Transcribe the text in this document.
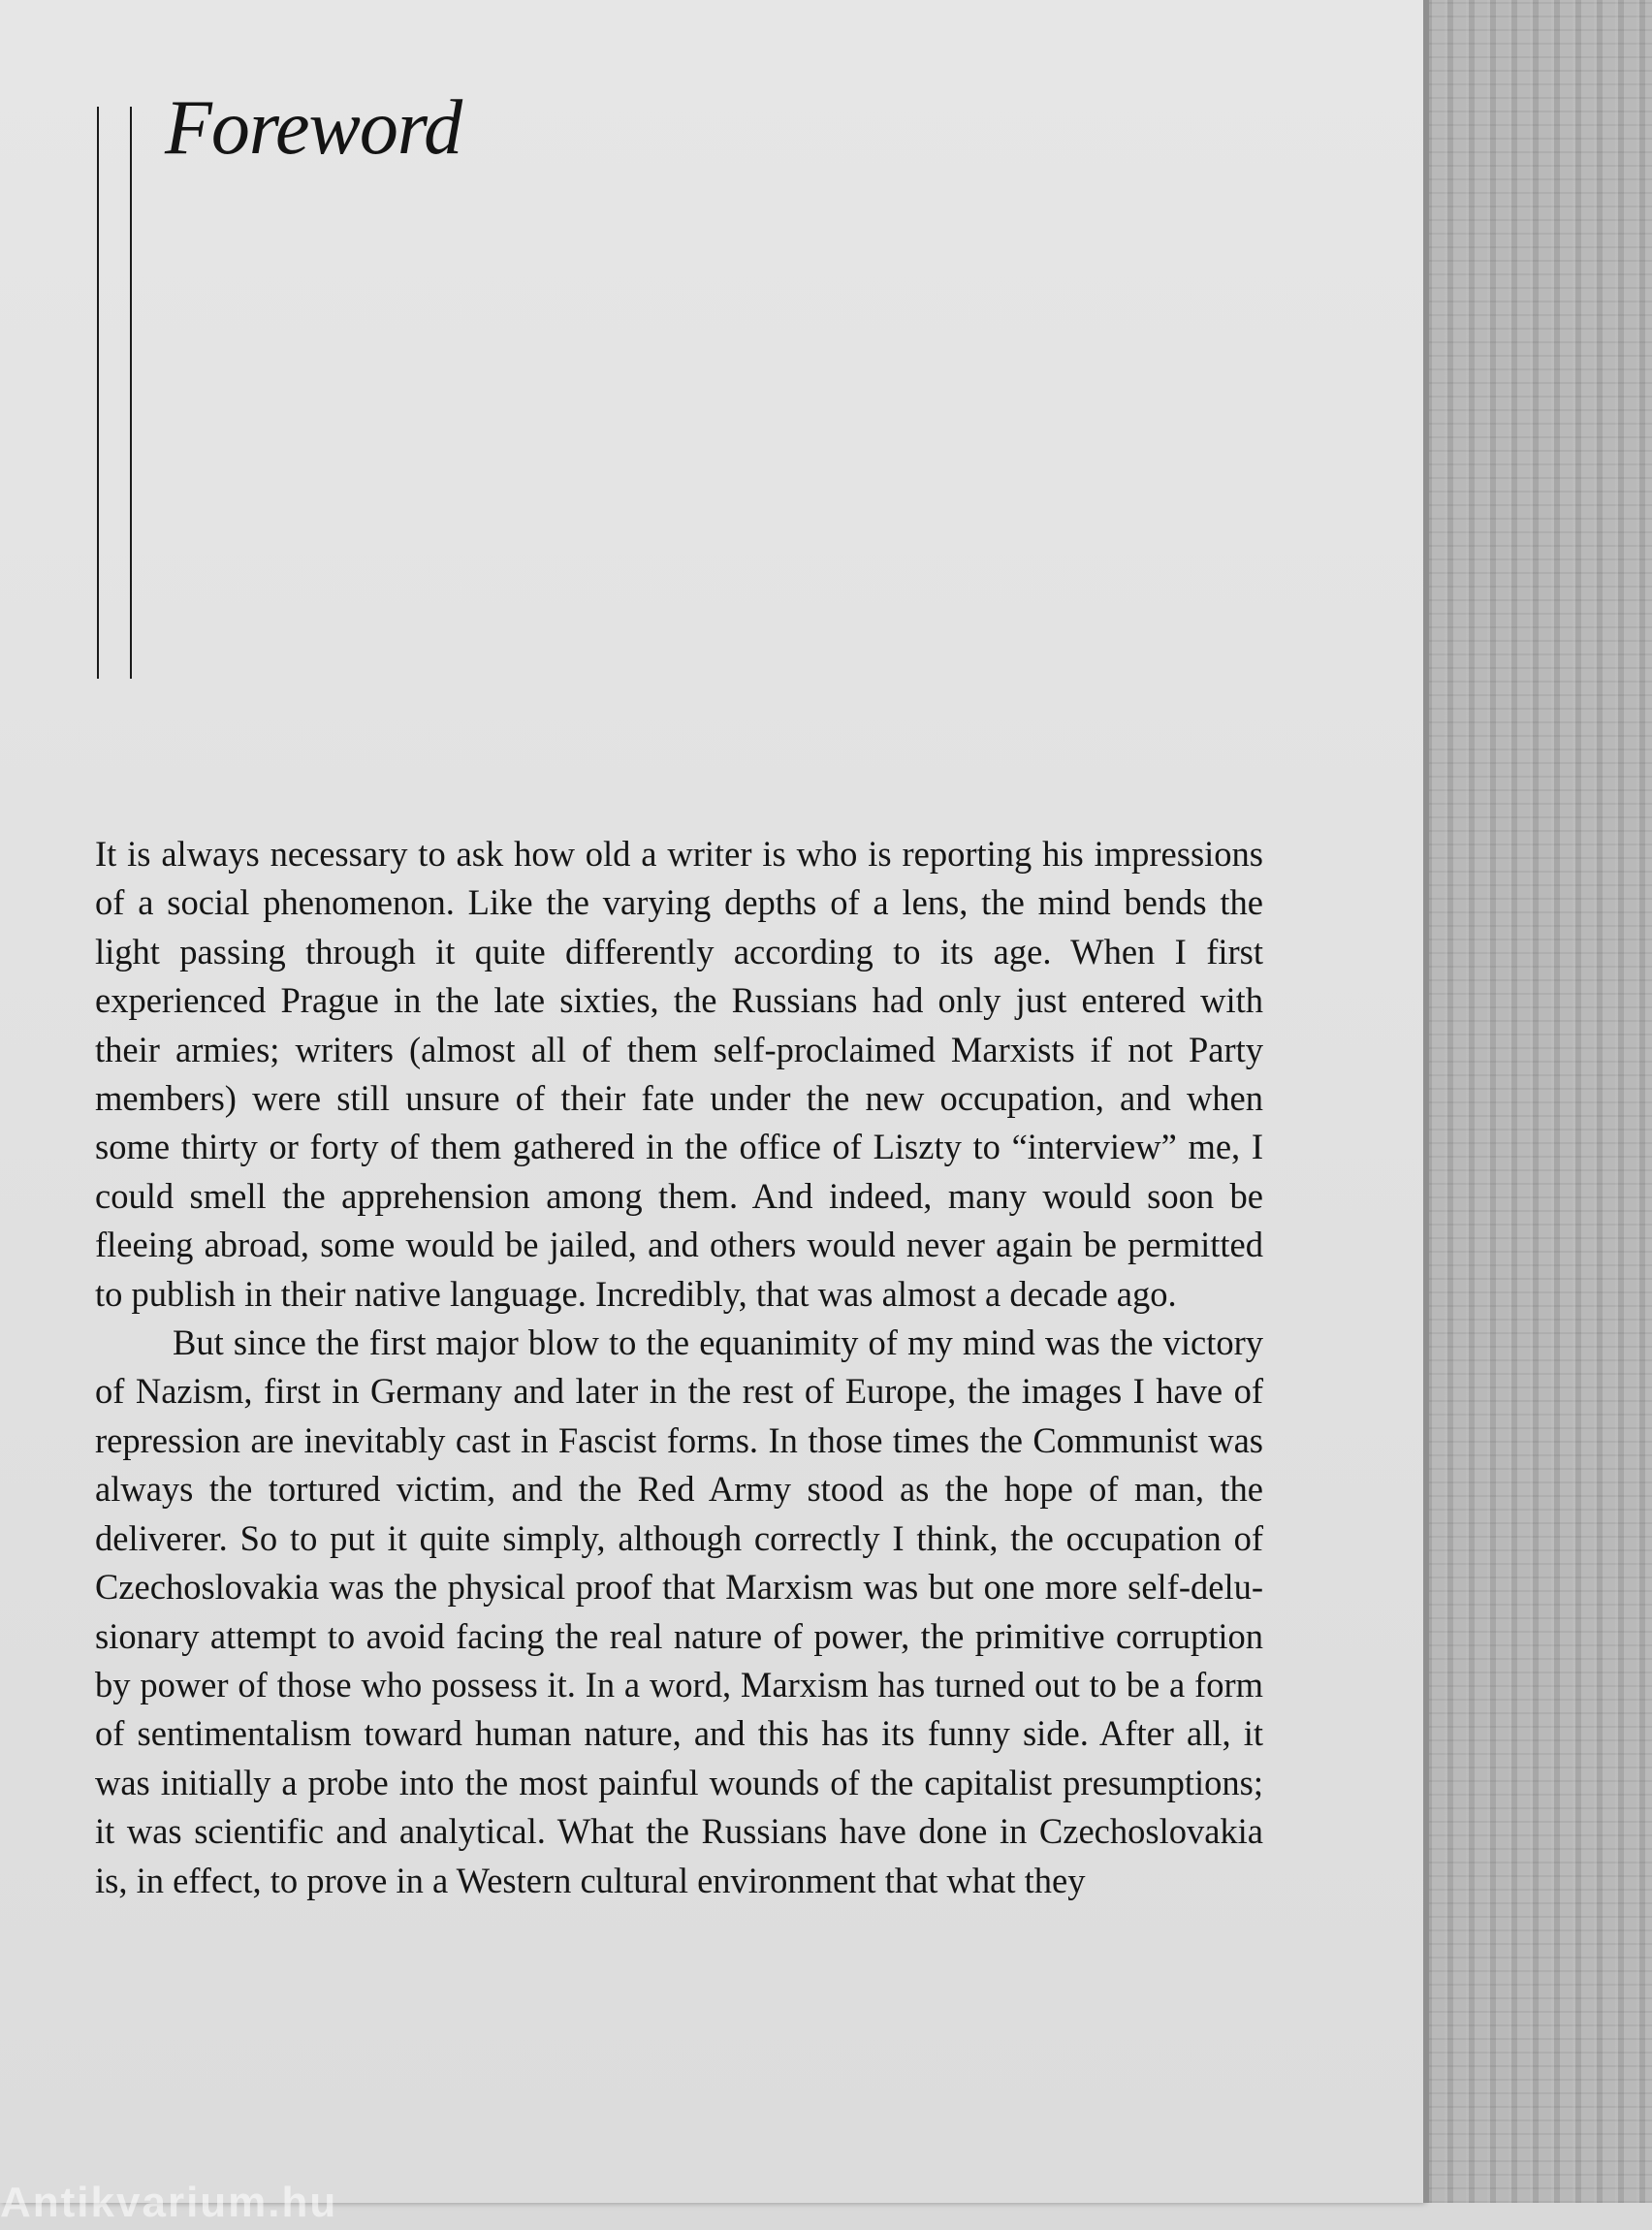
Foreword

It is always necessary to ask how old a writer is who is reporting his impressions of a social phenomenon. Like the varying depths of a lens, the mind bends the light passing through it quite differently according to its age. When I first experienced Prague in the late sixties, the Russians had only just entered with their armies; writers (almost all of them self-proclaimed Marxists if not Party members) were still unsure of their fate under the new occupation, and when some thirty or forty of them gathered in the office of Liszty to “interview” me, I could smell the apprehension among them. And indeed, many would soon be fleeing abroad, some would be jailed, and others would never again be permitted to publish in their native language. Incredibly, that was almost a decade ago.

But since the first major blow to the equanimity of my mind was the victory of Nazism, first in Germany and later in the rest of Europe, the images I have of repression are inevitably cast in Fascist forms. In those times the Communist was always the tortured victim, and the Red Army stood as the hope of man, the deliverer. So to put it quite simply, although correctly I think, the occupation of Czechoslovakia was the physical proof that Marxism was but one more self-delusionary attempt to avoid facing the real nature of power, the primitive corruption by power of those who possess it. In a word, Marxism has turned out to be a form of sentimentalism toward human nature, and this has its funny side. After all, it was initially a probe into the most painful wounds of the capitalist presumptions; it was scientific and analytical. What the Russians have done in Czechoslovakia is, in effect, to prove in a Western cultural environment that what they

Antikvarium.hu
